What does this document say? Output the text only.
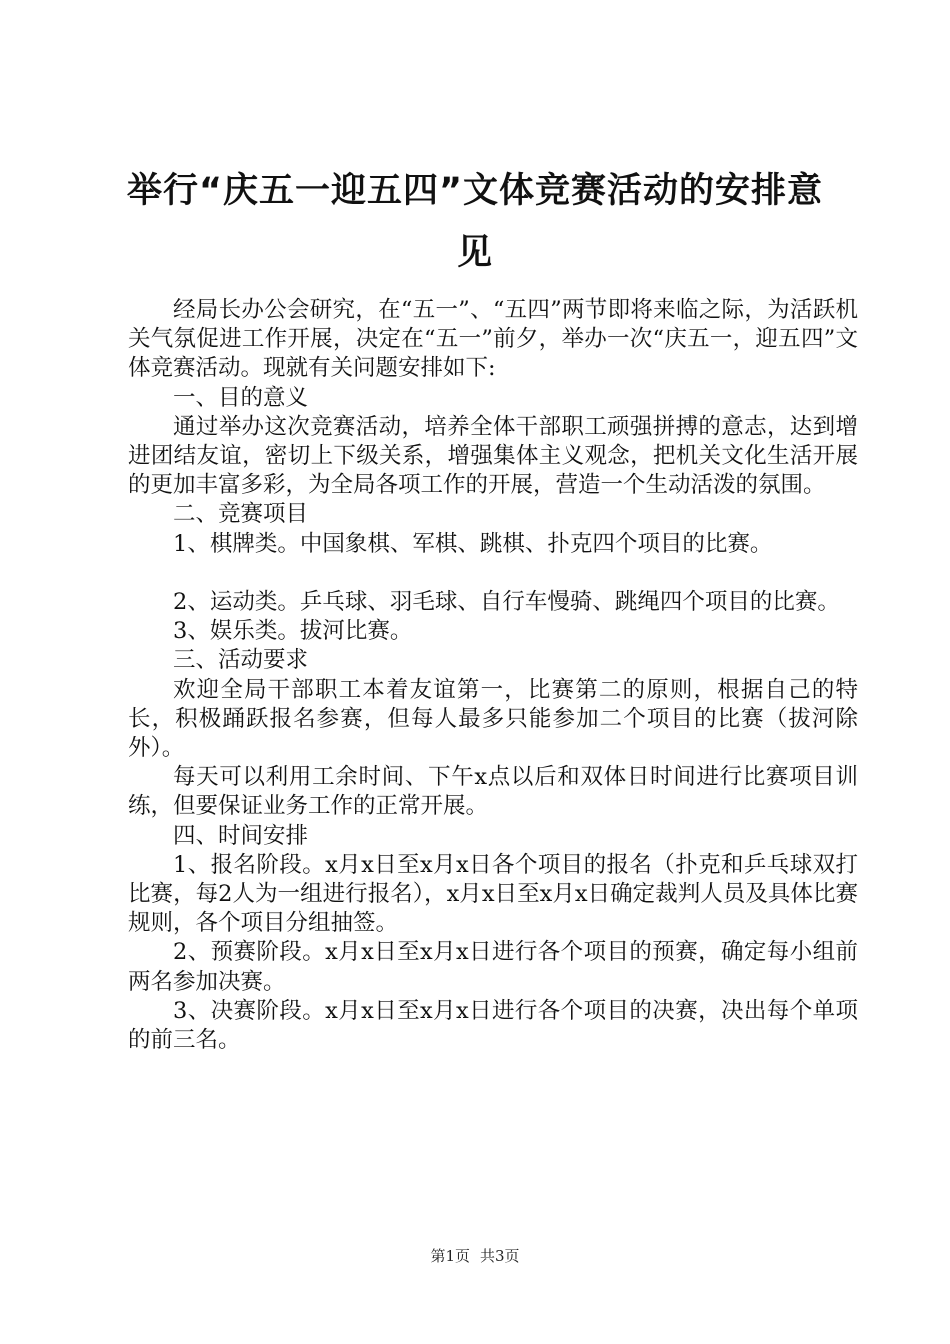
举行“庆五一迎五四”文体竞赛活动的安排意
见
经局长办公会研究，在“五一”、“五四”两节即将来临之际，为活跃机关气氛促进工作开展，决定在“五一”前夕，举办一次“庆五一，迎五四”文体竞赛活动。现就有关问题安排如下:
一、目的意义
通过举办这次竞赛活动，培养全体干部职工顽强拼搏的意志，达到增进团结友谊，密切上下级关系，增强集体主义观念，把机关文化生活开展的更加丰富多彩，为全局各项工作的开展，营造一个生动活泼的氛围。
二、竞赛项目
1、棋牌类。中国象棋、军棋、跳棋、扑克四个项目的比赛。
2、运动类。乒乓球、羽毛球、自行车慢骑、跳绳四个项目的比赛。
3、娱乐类。拔河比赛。
三、活动要求
欢迎全局干部职工本着友谊第一，比赛第二的原则，根据自己的特长，积极踊跃报名参赛，但每人最多只能参加二个项目的比赛（拔河除外）。
每天可以利用工余时间、下午x点以后和双体日时间进行比赛项目训练，但要保证业务工作的正常开展。
四、时间安排
1、报名阶段。x月x日至x月x日各个项目的报名（扑克和乒乓球双打比赛，每2人为一组进行报名），x月x日至x月x日确定裁判人员及具体比赛规则，各个项目分组抽签。
2、预赛阶段。x月x日至x月x日进行各个项目的预赛，确定每小组前两名参加决赛。
3、决赛阶段。x月x日至x月x日进行各个项目的决赛，决出每个单项的前三名。
第1页 共3页
